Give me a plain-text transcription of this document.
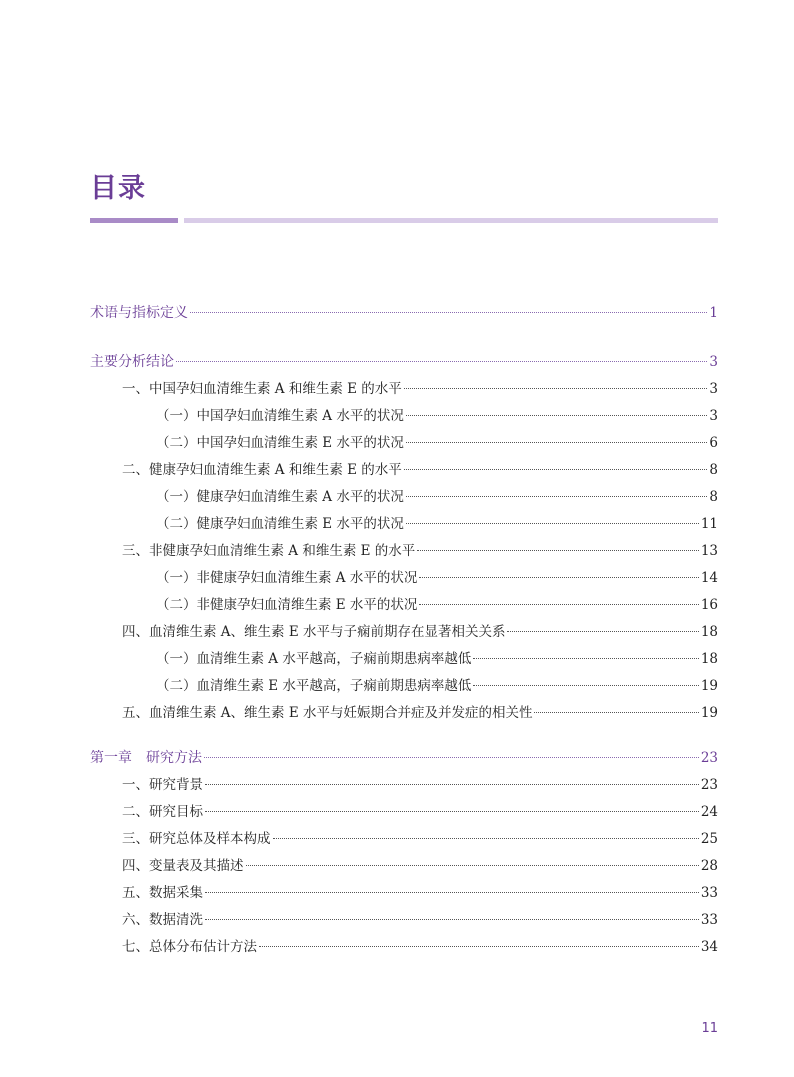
目录
术语与指标定义	1
主要分析结论	3
一、中国孕妇血清维生素 A 和维生素 E 的水平	3
（一）中国孕妇血清维生素 A 水平的状况	3
（二）中国孕妇血清维生素 E 水平的状况	6
二、健康孕妇血清维生素 A 和维生素 E 的水平	8
（一）健康孕妇血清维生素 A 水平的状况	8
（二）健康孕妇血清维生素 E 水平的状况	11
三、非健康孕妇血清维生素 A 和维生素 E 的水平	13
（一）非健康孕妇血清维生素 A 水平的状况	14
（二）非健康孕妇血清维生素 E 水平的状况	16
四、血清维生素 A、维生素 E 水平与子痫前期存在显著相关关系	18
（一）血清维生素 A 水平越高，子痫前期患病率越低	18
（二）血清维生素 E 水平越高，子痫前期患病率越低	19
五、血清维生素 A、维生素 E 水平与妊娠期合并症及并发症的相关性	19
第一章　研究方法	23
一、研究背景	23
二、研究目标	24
三、研究总体及样本构成	25
四、变量表及其描述	28
五、数据采集	33
六、数据清洗	33
七、总体分布估计方法	34
11
